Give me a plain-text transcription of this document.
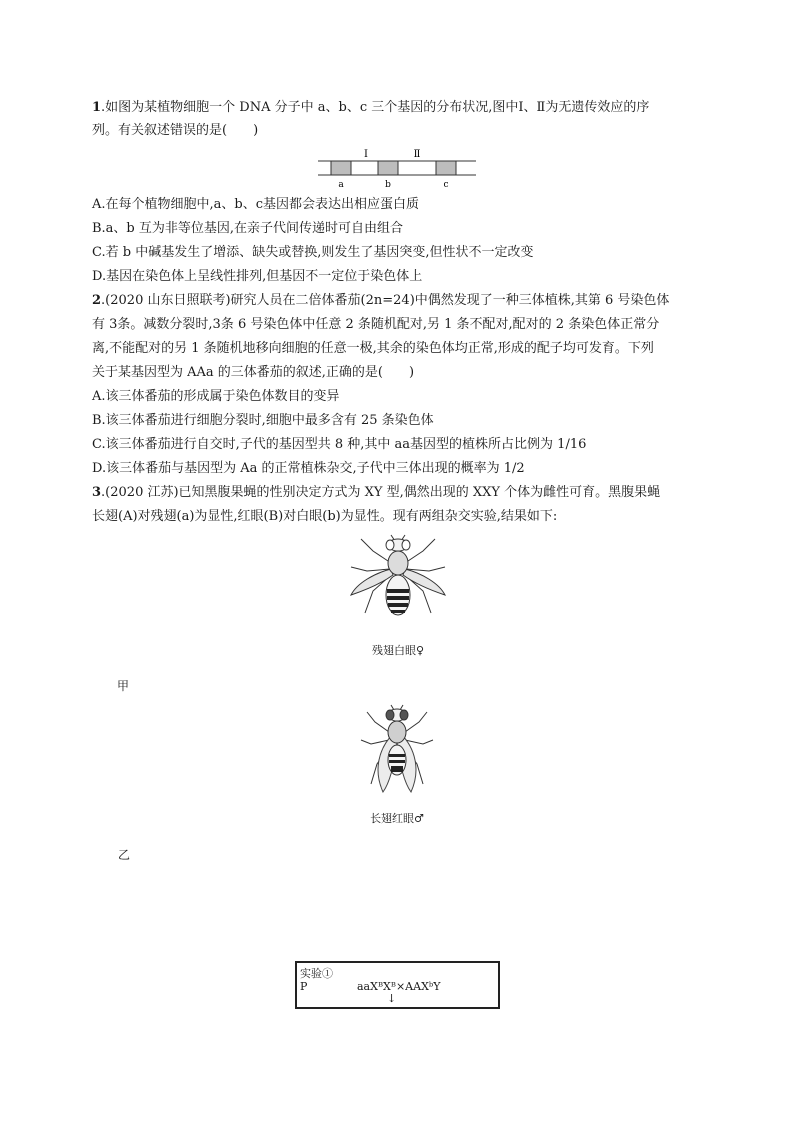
1.如图为某植物细胞一个 DNA 分子中 a、b、c 三个基因的分布状况,图中Ⅰ、Ⅱ为无遗传效应的序
列。有关叙述错误的是(　　)
Ⅰ	Ⅱ
a	b	c
A.在每个植物细胞中,a、b、c基因都会表达出相应蛋白质
B.a、b 互为非等位基因,在亲子代间传递时可自由组合
C.若 b 中碱基发生了增添、缺失或替换,则发生了基因突变,但性状不一定改变
D.基因在染色体上呈线性排列,但基因不一定位于染色体上
2.(2020 山东日照联考)研究人员在二倍体番茄(2n=24)中偶然发现了一种三体植株,其第 6 号染色体
有 3条。减数分裂时,3条 6 号染色体中任意 2 条随机配对,另 1 条不配对,配对的 2 条染色体正常分
离,不能配对的另 1 条随机地移向细胞的任意一极,其余的染色体均正常,形成的配子均可发育。下列
关于某基因型为 AAa 的三体番茄的叙述,正确的是(　　)
A.该三体番茄的形成属于染色体数目的变异
B.该三体番茄进行细胞分裂时,细胞中最多含有 25 条染色体
C.该三体番茄进行自交时,子代的基因型共 8 种,其中 aa基因型的植株所占比例为 1/16
D.该三体番茄与基因型为 Aa 的正常植株杂交,子代中三体出现的概率为 1/2
3.(2020 江苏)已知黑腹果蝇的性别决定方式为 XY 型,偶然出现的 XXY 个体为雌性可育。黑腹果蝇
长翅(A)对残翅(a)为显性,红眼(B)对白眼(b)为显性。现有两组杂交实验,结果如下:
残翅白眼♀
甲
长翅红眼♂
乙
实验①
P	aaXᴮXᴮ×AAXᵇY
↓
